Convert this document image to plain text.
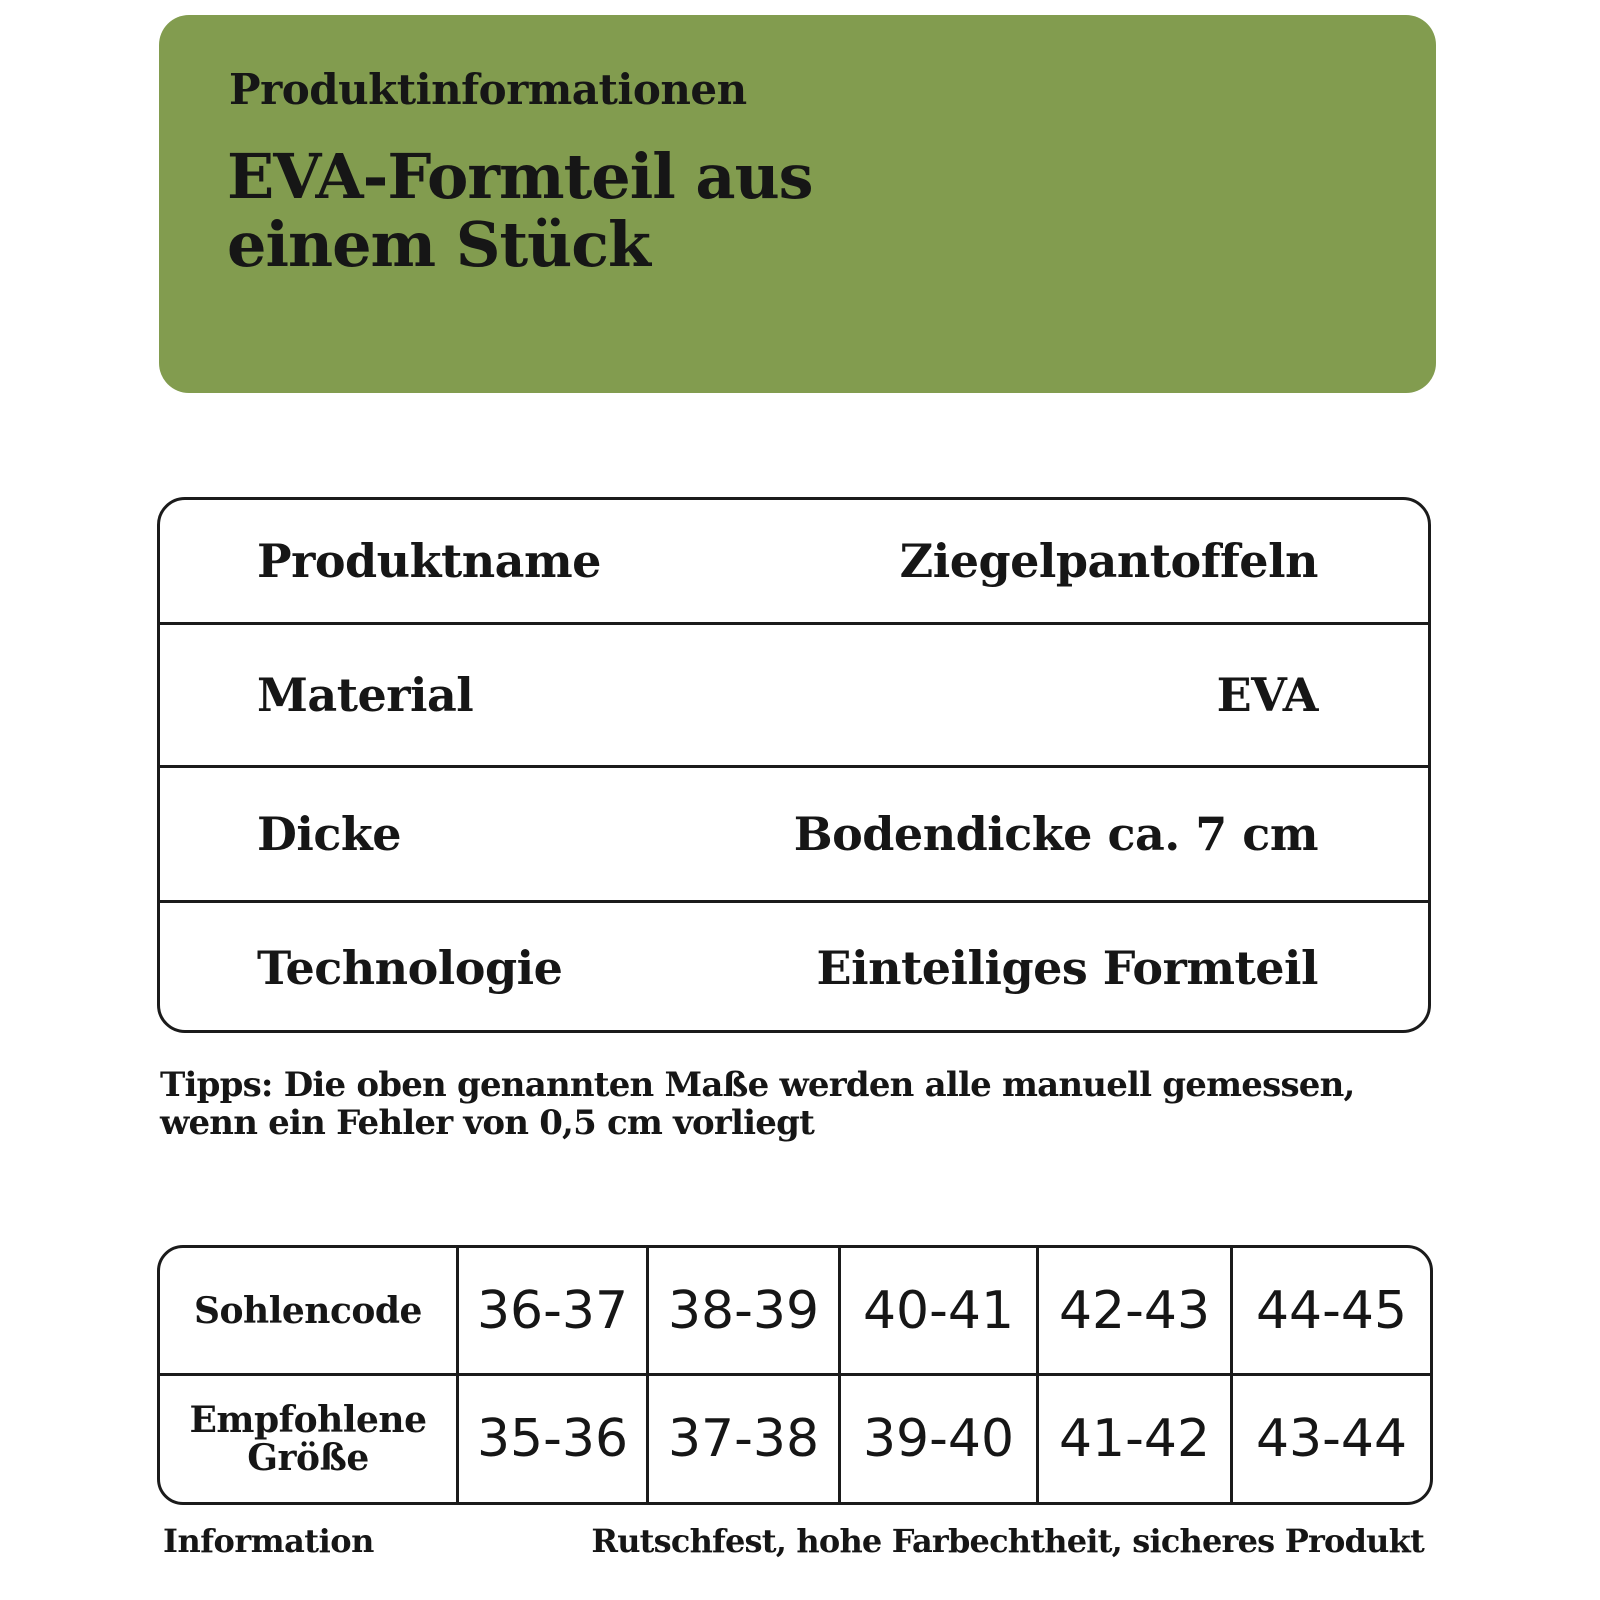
Produktinformationen
EVA-Formteil aus
einem Stück
Produktname	Ziegelpantoffeln
Material	EVA
Dicke	Bodendicke ca. 7 cm
Technologie	Einteiliges Formteil
Tipps: Die oben genannten Maße werden alle manuell gemessen, wenn ein Fehler von 0,5 cm vorliegt
Sohlencode	36-37 38-39 40-41 42-43 44-45
Empfohlene
Größe	35-36 37-38 39-40 41-42 43-44
Information	Rutschfest, hohe Farbechtheit, sicheres Produkt
